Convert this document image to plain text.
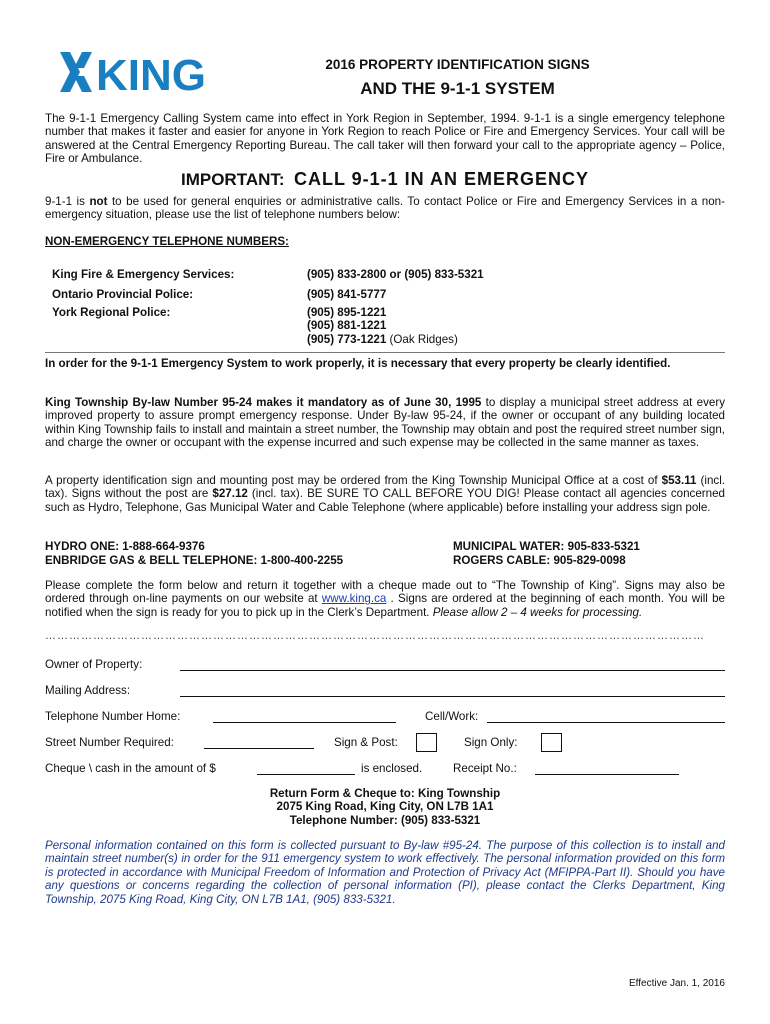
KING	2016 PROPERTY IDENTIFICATION SIGNS
AND THE 9-1-1 SYSTEM
The 9-1-1 Emergency Calling System came into effect in York Region in September, 1994. 9-1-1 is a single emergency telephone number that makes it faster and easier for anyone in York Region to reach Police or Fire and Emergency Services. Your call will be answered at the Central Emergency Reporting Bureau. The call taker will then forward your call to the appropriate agency – Police, Fire or Ambulance.
IMPORTANT: CALL 9-1-1 IN AN EMERGENCY
9-1-1 is not to be used for general enquiries or administrative calls. To contact Police or Fire and Emergency Services in a non-emergency situation, please use the list of telephone numbers below:
NON-EMERGENCY TELEPHONE NUMBERS:
King Fire & Emergency Services:	(905) 833-2800 or (905) 833-5321
Ontario Provincial Police:	(905) 841-5777
York Regional Police:	(905) 895-1221
(905) 881-1221
(905) 773-1221 (Oak Ridges)
In order for the 9-1-1 Emergency System to work properly, it is necessary that every property be clearly identified.
King Township By-law Number 95-24 makes it mandatory as of June 30, 1995 to display a municipal street address at every improved property to assure prompt emergency response. Under By-law 95-24, if the owner or occupant of any building located within King Township fails to install and maintain a street number, the Township may obtain and post the required street number sign, and charge the owner or occupant with the expense incurred and such expense may be collected in the same manner as taxes.
A property identification sign and mounting post may be ordered from the King Township Municipal Office at a cost of $53.11 (incl. tax). Signs without the post are $27.12 (incl. tax). BE SURE TO CALL BEFORE YOU DIG! Please contact all agencies concerned such as Hydro, Telephone, Gas Municipal Water and Cable Telephone (where applicable) before installing your address sign pole.
HYDRO ONE: 1-888-664-9376
ENBRIDGE GAS & BELL TELEPHONE: 1-800-400-2255
MUNICIPAL WATER: 905-833-5321
ROGERS CABLE: 905-829-0098
Please complete the form below and return it together with a cheque made out to “The Township of King”. Signs may also be ordered through on-line payments on our website at www.king.ca . Signs are ordered at the beginning of each month. You will be notified when the sign is ready for you to pick up in the Clerk’s Department. Please allow 2 – 4 weeks for processing.
…………………………………………………………………………………………………………………………………………………
Owner of Property:
Mailing Address:
Telephone Number Home:	Cell/Work:
Street Number Required:	Sign & Post:	Sign Only:
Cheque \ cash in the amount of $	is enclosed.	Receipt No.:
Return Form & Cheque to: King Township
2075 King Road, King City, ON L7B 1A1
Telephone Number: (905) 833-5321
Personal information contained on this form is collected pursuant to By-law #95-24. The purpose of this collection is to install and maintain street number(s) in order for the 911 emergency system to work effectively. The personal information provided on this form is protected in accordance with Municipal Freedom of Information and Protection of Privacy Act (MFIPPA-Part II). Should you have any questions or concerns regarding the collection of personal information (PI), please contact the Clerks Department, King Township, 2075 King Road, King City, ON L7B 1A1, (905) 833-5321.
Effective Jan. 1, 2016
